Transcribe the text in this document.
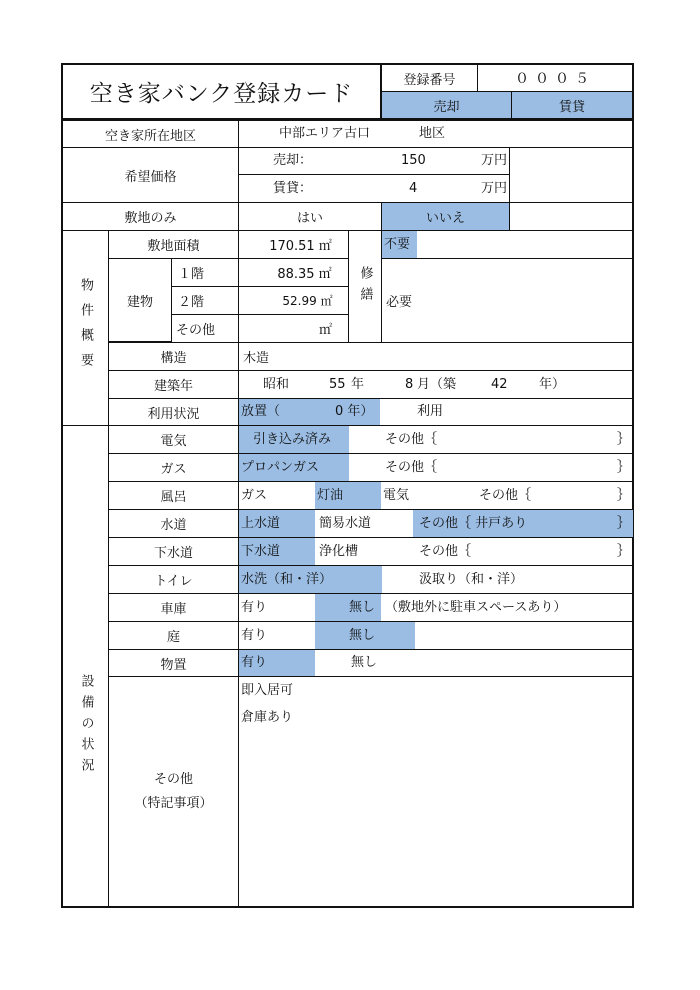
空き家バンク登録カード
登録番号	０００５
売却	賃貸
空き家所在地区	中部エリア古口	地区
希望価格
売却：	150	万円
賃貸：	4	万円
敷地のみ	はい	いいえ
物件概要
敷地面積	170.51 ㎡
建物
１階	88.35 ㎡
２階	52.99 ㎡
その他	㎡
修繕
不要
必要
構造	木造
建築年	昭和	55 年	8 月（築	42 年）
利用状況	放置（	0 年）	利用
設備の状況
電気	引き込み済み	その他｛	｝
ガス	プロパンガス	その他｛	｝
風呂	ガス	灯油	電気	その他｛	｝
水道	上水道	簡易水道	その他｛ 井戸あり	｝
下水道	下水道	浄化槽	その他｛	｝
トイレ	水洗（和・洋）	汲取り（和・洋）
車庫	有り	無し （敷地外に駐車スペースあり）
庭	有り	無し
物置	有り	無し
その他
（特記事項）
即入居可
倉庫あり
